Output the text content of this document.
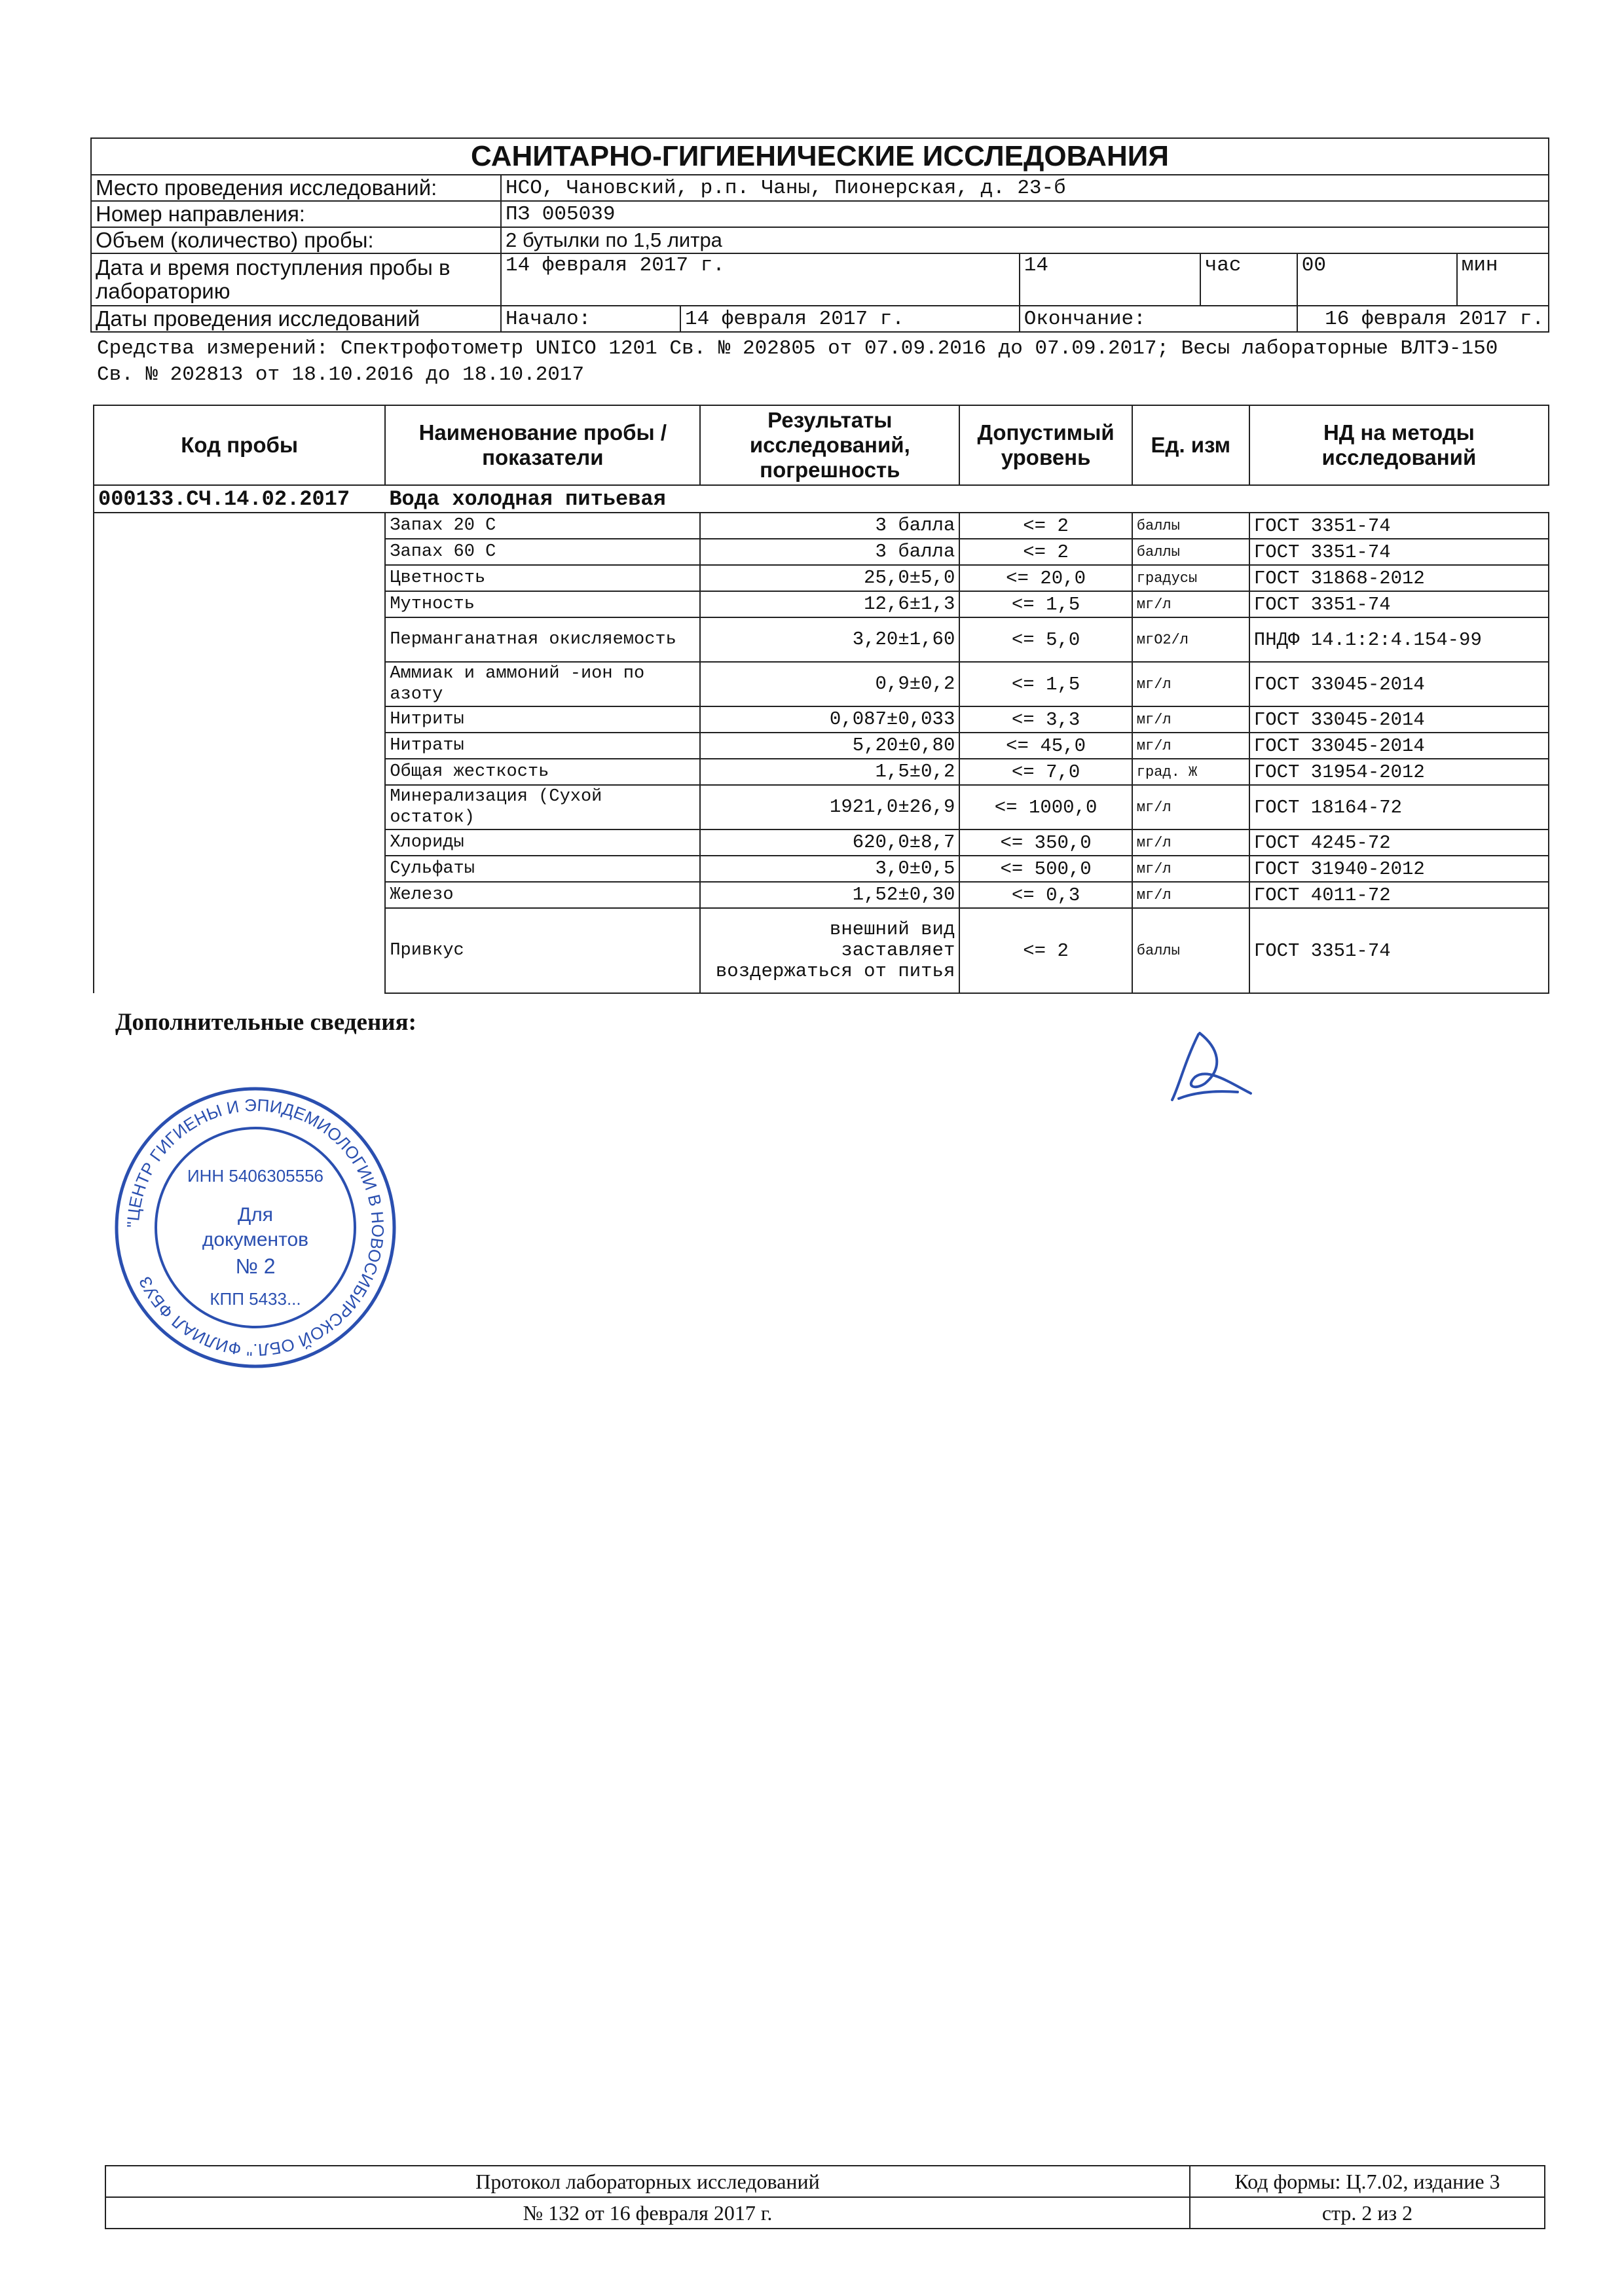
САНИТАРНО-ГИГИЕНИЧЕСКИЕ ИССЛЕДОВАНИЯ
Место проведения исследований:	НСО, Чановский, р.п. Чаны, Пионерская, д. 23-б
Номер направления:	ПЗ 005039
Объем (количество) пробы:	2 бутылки по 1,5 литра
Дата и время поступления пробы в лабораторию	14 февраля 2017 г.	14	час		00	мин

Даты проведения исследований	Начало:	14 февраля 2017 г.	Окончание:	16 февраля 2017 г.
Средства измерений: Спектрофотометр UNICO 1201 Св. № 202805 от 07.09.2016 до 07.09.2017; Весы лабораторные ВЛТЭ-150 Св. № 202813 от 18.10.2016 до 18.10.2017
Код пробы	Наименование пробы / показатели	Результаты исследований, погрешность	Допустимый уровень	Ед. изм	НД на методы исследований
000133.СЧ.14.02.2017	Вода холодная питьевая				
	Запах 20 С	3 балла	<= 2	баллы	ГОСТ 3351-74
	Запах 60 С	3 балла	<= 2	баллы	ГОСТ 3351-74
	Цветность	25,0±5,0	<= 20,0	градусы	ГОСТ 31868-2012
	Мутность	12,6±1,3	<= 1,5	мг/л	ГОСТ 3351-74
	Перманганатная окисляемость	3,20±1,60	<= 5,0	мгО2/л	ПНДФ 14.1:2:4.154-99
	Аммиак и аммоний -ион по азоту	0,9±0,2	<= 1,5	мг/л	ГОСТ 33045-2014
	Нитриты	0,087±0,033	<= 3,3	мг/л	ГОСТ 33045-2014
	Нитраты	5,20±0,80	<= 45,0	мг/л	ГОСТ 33045-2014
	Общая жесткость	1,5±0,2	<= 7,0	град. Ж	ГОСТ 31954-2012
	Минерализация (Сухой остаток)	1921,0±26,9	<= 1000,0	мг/л	ГОСТ 18164-72
	Хлориды	620,0±8,7	<= 350,0	мг/л	ГОСТ 4245-72
	Сульфаты	3,0±0,5	<= 500,0	мг/л	ГОСТ 31940-2012
	Железо	1,52±0,30	<= 0,3	мг/л	ГОСТ 4011-72
	Привкус	внешний вид заставляет воздержаться от питья	<= 2	баллы	ГОСТ 3351-74
Дополнительные сведения:
"ЦЕНТР ГИГИЕНЫ И ЭПИДЕМИОЛОГИИ В НОВОСИБИРСКОЙ ОБЛ." ФИЛИАЛ ФБУЗ
ИНН 5406305556
Для
документов
№ 2
КПП 5433...
Протокол лабораторных исследований	Код формы: Ц.7.02, издание 3
№ 132 от 16 февраля 2017 г.	стр. 2 из 2
